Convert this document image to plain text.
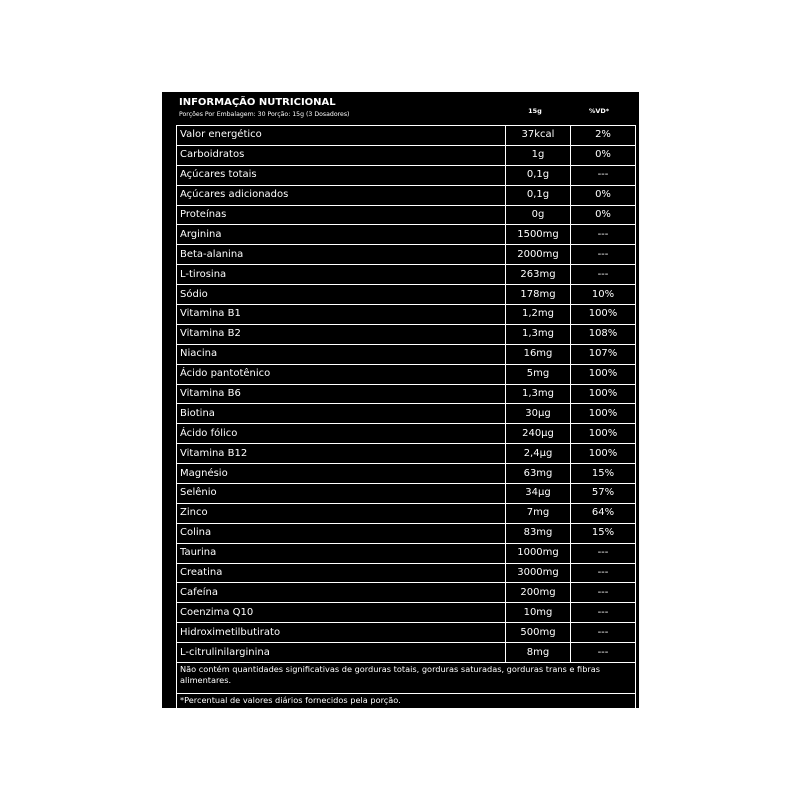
INFORMAÇÃO NUTRICIONAL
Porções Por Embalagem: 30 Porção: 15g (3 Dosadores)	15g	%VD*
Valor energético	37kcal	2%
Carboidratos	1g	0%
Açúcares totais	0,1g	---
Açúcares adicionados	0,1g	0%
Proteínas	0g	0%
Arginina	1500mg	---
Beta-alanina	2000mg	---
L-tirosina	263mg	---
Sódio	178mg	10%
Vitamina B1	1,2mg	100%
Vitamina B2	1,3mg	108%
Niacina	16mg	107%
Ácido pantotênico	5mg	100%
Vitamina B6	1,3mg	100%
Biotina	30µg	100%
Ácido fólico	240µg	100%
Vitamina B12	2,4µg	100%
Magnésio	63mg	15%
Selênio	34µg	57%
Zinco	7mg	64%
Colina	83mg	15%
Taurina	1000mg	---
Creatina	3000mg	---
Cafeína	200mg	---
Coenzima Q10	10mg	---
Hidroximetilbutirato	500mg	---
L-citrulinilarginina	8mg	---
Não contém quantidades significativas de gorduras totais, gorduras saturadas, gorduras trans e fibras alimentares.		
*Percentual de valores diários fornecidos pela porção.		
